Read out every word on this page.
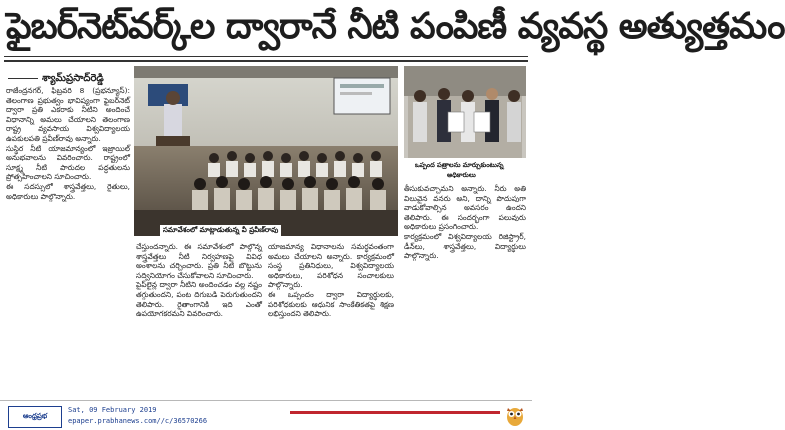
ఫైబర్‌నెట్‌వర్క్‌ల ద్వారానే నీటి పంపిణీ వ్యవస్థ అత్యుత్తమం
శ్యామ్‌ప్రసాద్‌రెడ్డి
సమావేశంలో మాట్లాడుతున్న వీ ప్రవీణ్‌రావు
ఒప్పంద పత్రాలను మార్చుకుంటున్న
అధికారులు

రాజేంద్రనగర్, ఫిబ్రవరి 8 (ప్రభన్యూస్): తెలంగాణ ప్రభుత్వం భావిష్యంగా ఫైబర్‌నెట్‌ ద్వారా ప్రతి ఎకరాకు నీటిని అందించే విధానాన్ని అమలు చేయాలని తెలంగాణ రాష్ట్ర వ్యవసాయ విశ్వవిద్యాలయ ఉపకులపతి ప్రవీణ్‌రావు అన్నారు.

సుస్థిర నీటి యాజమాన్యంలో ఇజ్రాయిల్‌ అనుభవాలను వివరించారు. రాష్ట్రంలో సూక్ష్మ నీటి పారుదల పద్ధతులను ప్రోత్సహించాలని సూచించారు.

ఈ సదస్సులో శాస్త్రవేత్తలు, రైతులు, అధికారులు పాల్గొన్నారు.

చేస్తుందన్నారు. ఈ సమావేశంలో పాల్గొన్న శాస్త్రవేత్తలు నీటి నిర్వహణపై వివిధ అంశాలను చర్చించారు. ప్రతి నీటి బొట్టును సద్వినియోగం చేసుకోవాలని సూచించారు.

పైప్‌లైన్ల ద్వారా నీటిని అందించడం వల్ల నష్టం తగ్గుతుందని, పంట దిగుబడి పెరుగుతుందని తెలిపారు. రైతాంగానికి ఇది ఎంతో ఉపయోగకరమని వివరించారు.

యాజమాన్య విధానాలను సమర్థవంతంగా అమలు చేయాలని అన్నారు. కార్యక్రమంలో సంస్థ ప్రతినిధులు, విశ్వవిద్యాలయ అధికారులు, పరిశోధన సంచాలకులు పాల్గొన్నారు.

ఈ ఒప్పందం ద్వారా విద్యార్థులకు, పరిశోధకులకు ఆధునిక సాంకేతికతపై శిక్షణ లభిస్తుందని తెలిపారు.

తీసుకువచ్చామని అన్నారు. నీరు అతి విలువైన వనరు అని, దాన్ని పొదుపుగా వాడుకోవాల్సిన అవసరం ఉందని తెలిపారు. ఈ సందర్భంగా పలువురు అధికారులు ప్రసంగించారు.

కార్యక్రమంలో విశ్వవిద్యాలయ రిజిస్ట్రార్, డీన్‌లు, శాస్త్రవేత్తలు, విద్యార్థులు పాల్గొన్నారు.

ఆంధ్రప్రభ
Sat, 09 February 2019
epaper.prabhanews.com//c/36570266
